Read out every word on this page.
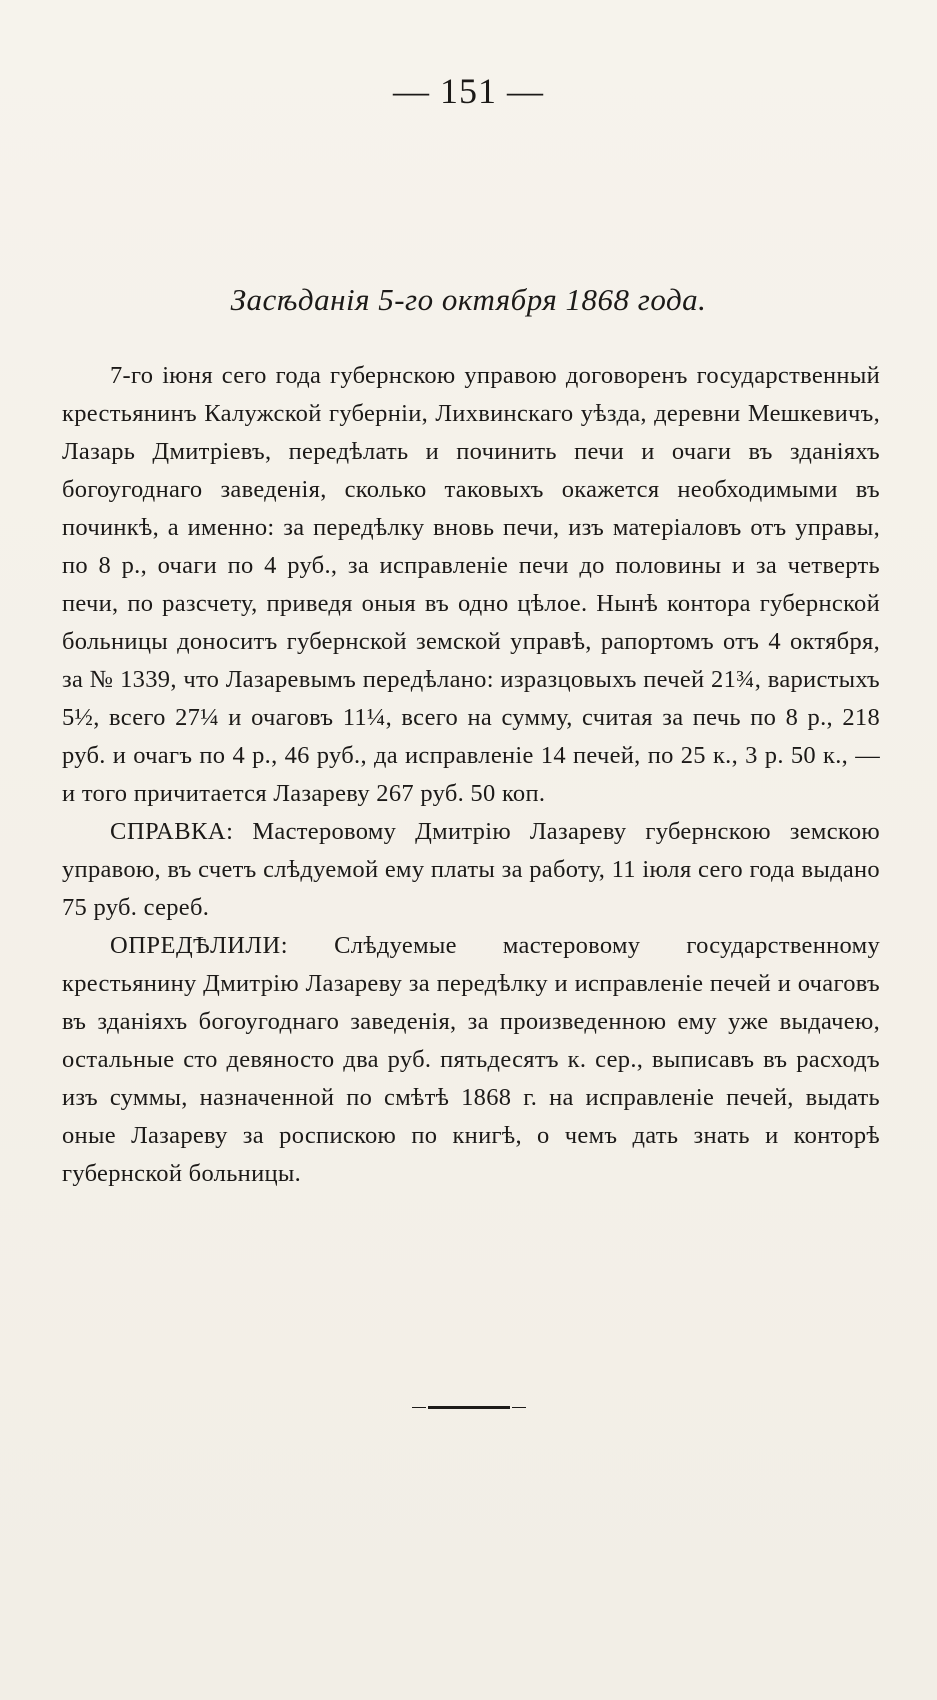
— 151 —
Засѣданія 5-го октября 1868 года.

7-го іюня сего года губернскою управою договоренъ государственный крестьянинъ Калужской губерніи, Лихвинскаго уѣзда, деревни Мешкевичъ, Лазарь Дмитріевъ, передѣлать и починить печи и очаги въ зданіяхъ богоугоднаго заведенія, сколько таковыхъ окажется необходимыми въ починкѣ, а именно: за передѣлку вновь печи, изъ матеріаловъ отъ управы, по 8 р., очаги по 4 руб., за исправленіе печи до половины и за четверть печи, по разсчету, приведя оныя въ одно цѣлое. Нынѣ контора губернской больницы доноситъ губернской земской управѣ, рапортомъ отъ 4 октября, за № 1339, что Лазаревымъ передѣлано: изразцовыхъ печей 21¾, варистыхъ 5½, всего 27¼ и очаговъ 11¼, всего на сумму, считая за печь по 8 р., 218 руб. и очагъ по 4 р., 46 руб., да исправленіе 14 печей, по 25 к., 3 р. 50 к., — и того причитается Лазареву 267 руб. 50 коп.

СПРАВКА: Мастеровому Дмитрію Лазареву губернскою земскою управою, въ счетъ слѣдуемой ему платы за работу, 11 іюля сего года выдано 75 руб. сереб.

ОПРЕДѢЛИЛИ: Слѣдуемые мастеровому государственному крестьянину Дмитрію Лазареву за передѣлку и исправленіе печей и очаговъ въ зданіяхъ богоугоднаго заведенія, за произведенною ему уже выдачею, остальные сто девяносто два руб. пятьдесятъ к. сер., выписавъ въ расходъ изъ суммы, назначенной по смѣтѣ 1868 г. на исправленіе печей, выдать оные Лазареву за роспискою по книгѣ, о чемъ дать знать и конторѣ губернской больницы.
